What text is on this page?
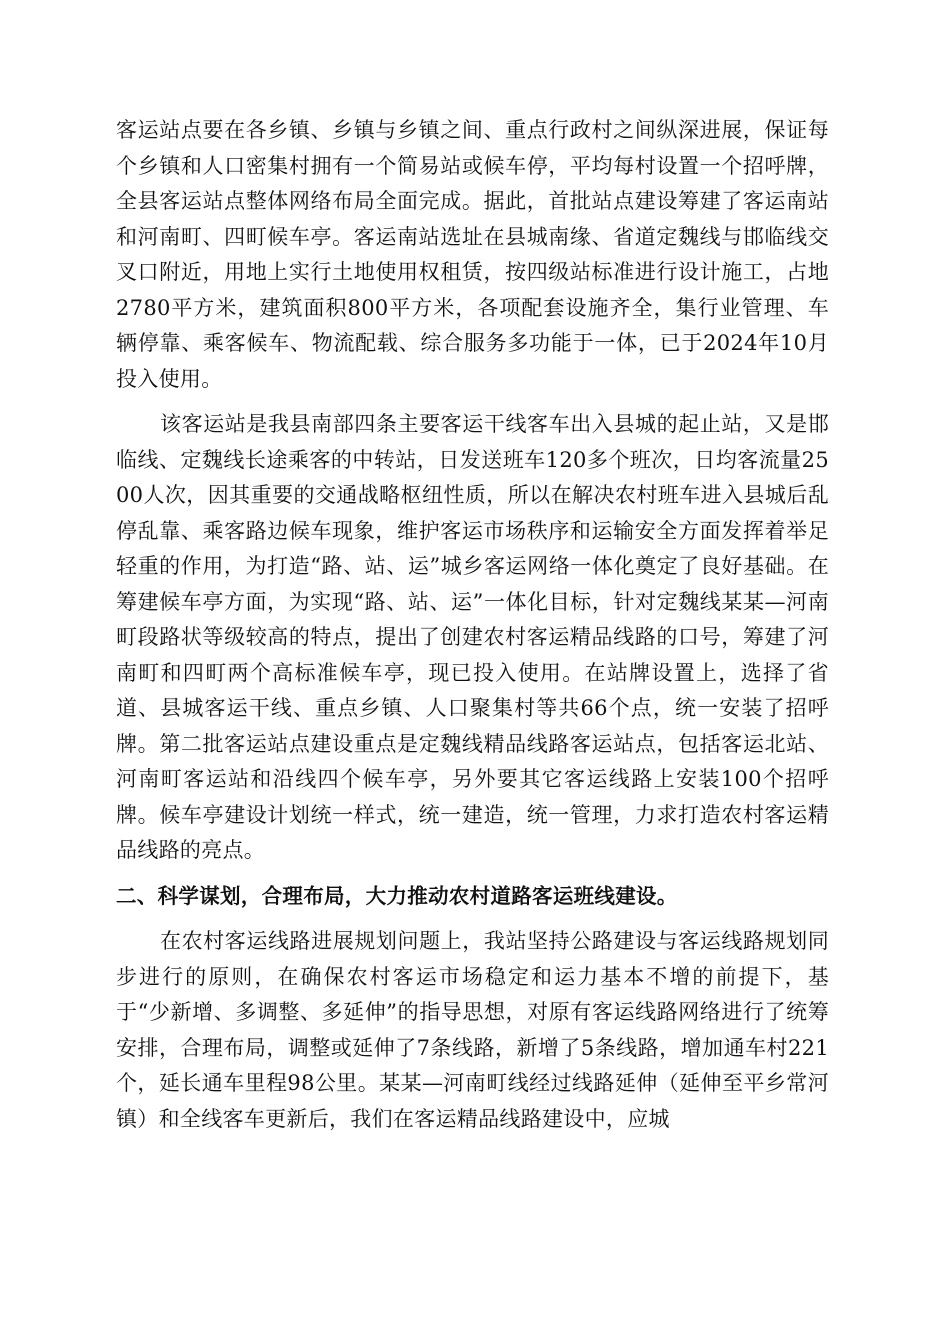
客运站点要在各乡镇、乡镇与乡镇之间、重点行政村之间纵深进展，保证每个乡镇和人口密集村拥有一个简易站或候车停，平均每村设置一个招呼牌，全县客运站点整体网络布局全面完成。据此，首批站点建设筹建了客运南站和河南町、四町候车亭。客运南站选址在县城南缘、省道定魏线与邯临线交叉口附近，用地上实行土地使用权租赁，按四级站标准进行设计施工，占地2780平方米，建筑面积800平方米，各项配套设施齐全，集行业管理、车辆停靠、乘客候车、物流配载、综合服务多功能于一体，已于2024年10月投入使用。

该客运站是我县南部四条主要客运干线客车出入县城的起止站，又是邯临线、定魏线长途乘客的中转站，日发送班车120多个班次，日均客流量2500人次，因其重要的交通战略枢纽性质，所以在解决农村班车进入县城后乱停乱靠、乘客路边候车现象，维护客运市场秩序和运输安全方面发挥着举足轻重的作用，为打造“路、站、运”城乡客运网络一体化奠定了良好基础。在筹建候车亭方面，为实现“路、站、运”一体化目标，针对定魏线某某—河南町段路状等级较高的特点，提出了创建农村客运精品线路的口号，筹建了河南町和四町两个高标准候车亭，现已投入使用。在站牌设置上，选择了省道、县城客运干线、重点乡镇、人口聚集村等共66个点，统一安装了招呼牌。第二批客运站点建设重点是定魏线精品线路客运站点，包括客运北站、河南町客运站和沿线四个候车亭，另外要其它客运线路上安装100个招呼牌。候车亭建设计划统一样式，统一建造，统一管理，力求打造农村客运精品线路的亮点。

二、科学谋划，合理布局，大力推动农村道路客运班线建设。

在农村客运线路进展规划问题上，我站坚持公路建设与客运线路规划同步进行的原则，在确保农村客运市场稳定和运力基本不增的前提下，基于“少新增、多调整、多延伸”的指导思想，对原有客运线路网络进行了统筹安排，合理布局，调整或延伸了7条线路，新增了5条线路，增加通车村221个，延长通车里程98公里。某某—河南町线经过线路延伸（延伸至平乡常河镇）和全线客车更新后，我们在客运精品线路建设中，应城
